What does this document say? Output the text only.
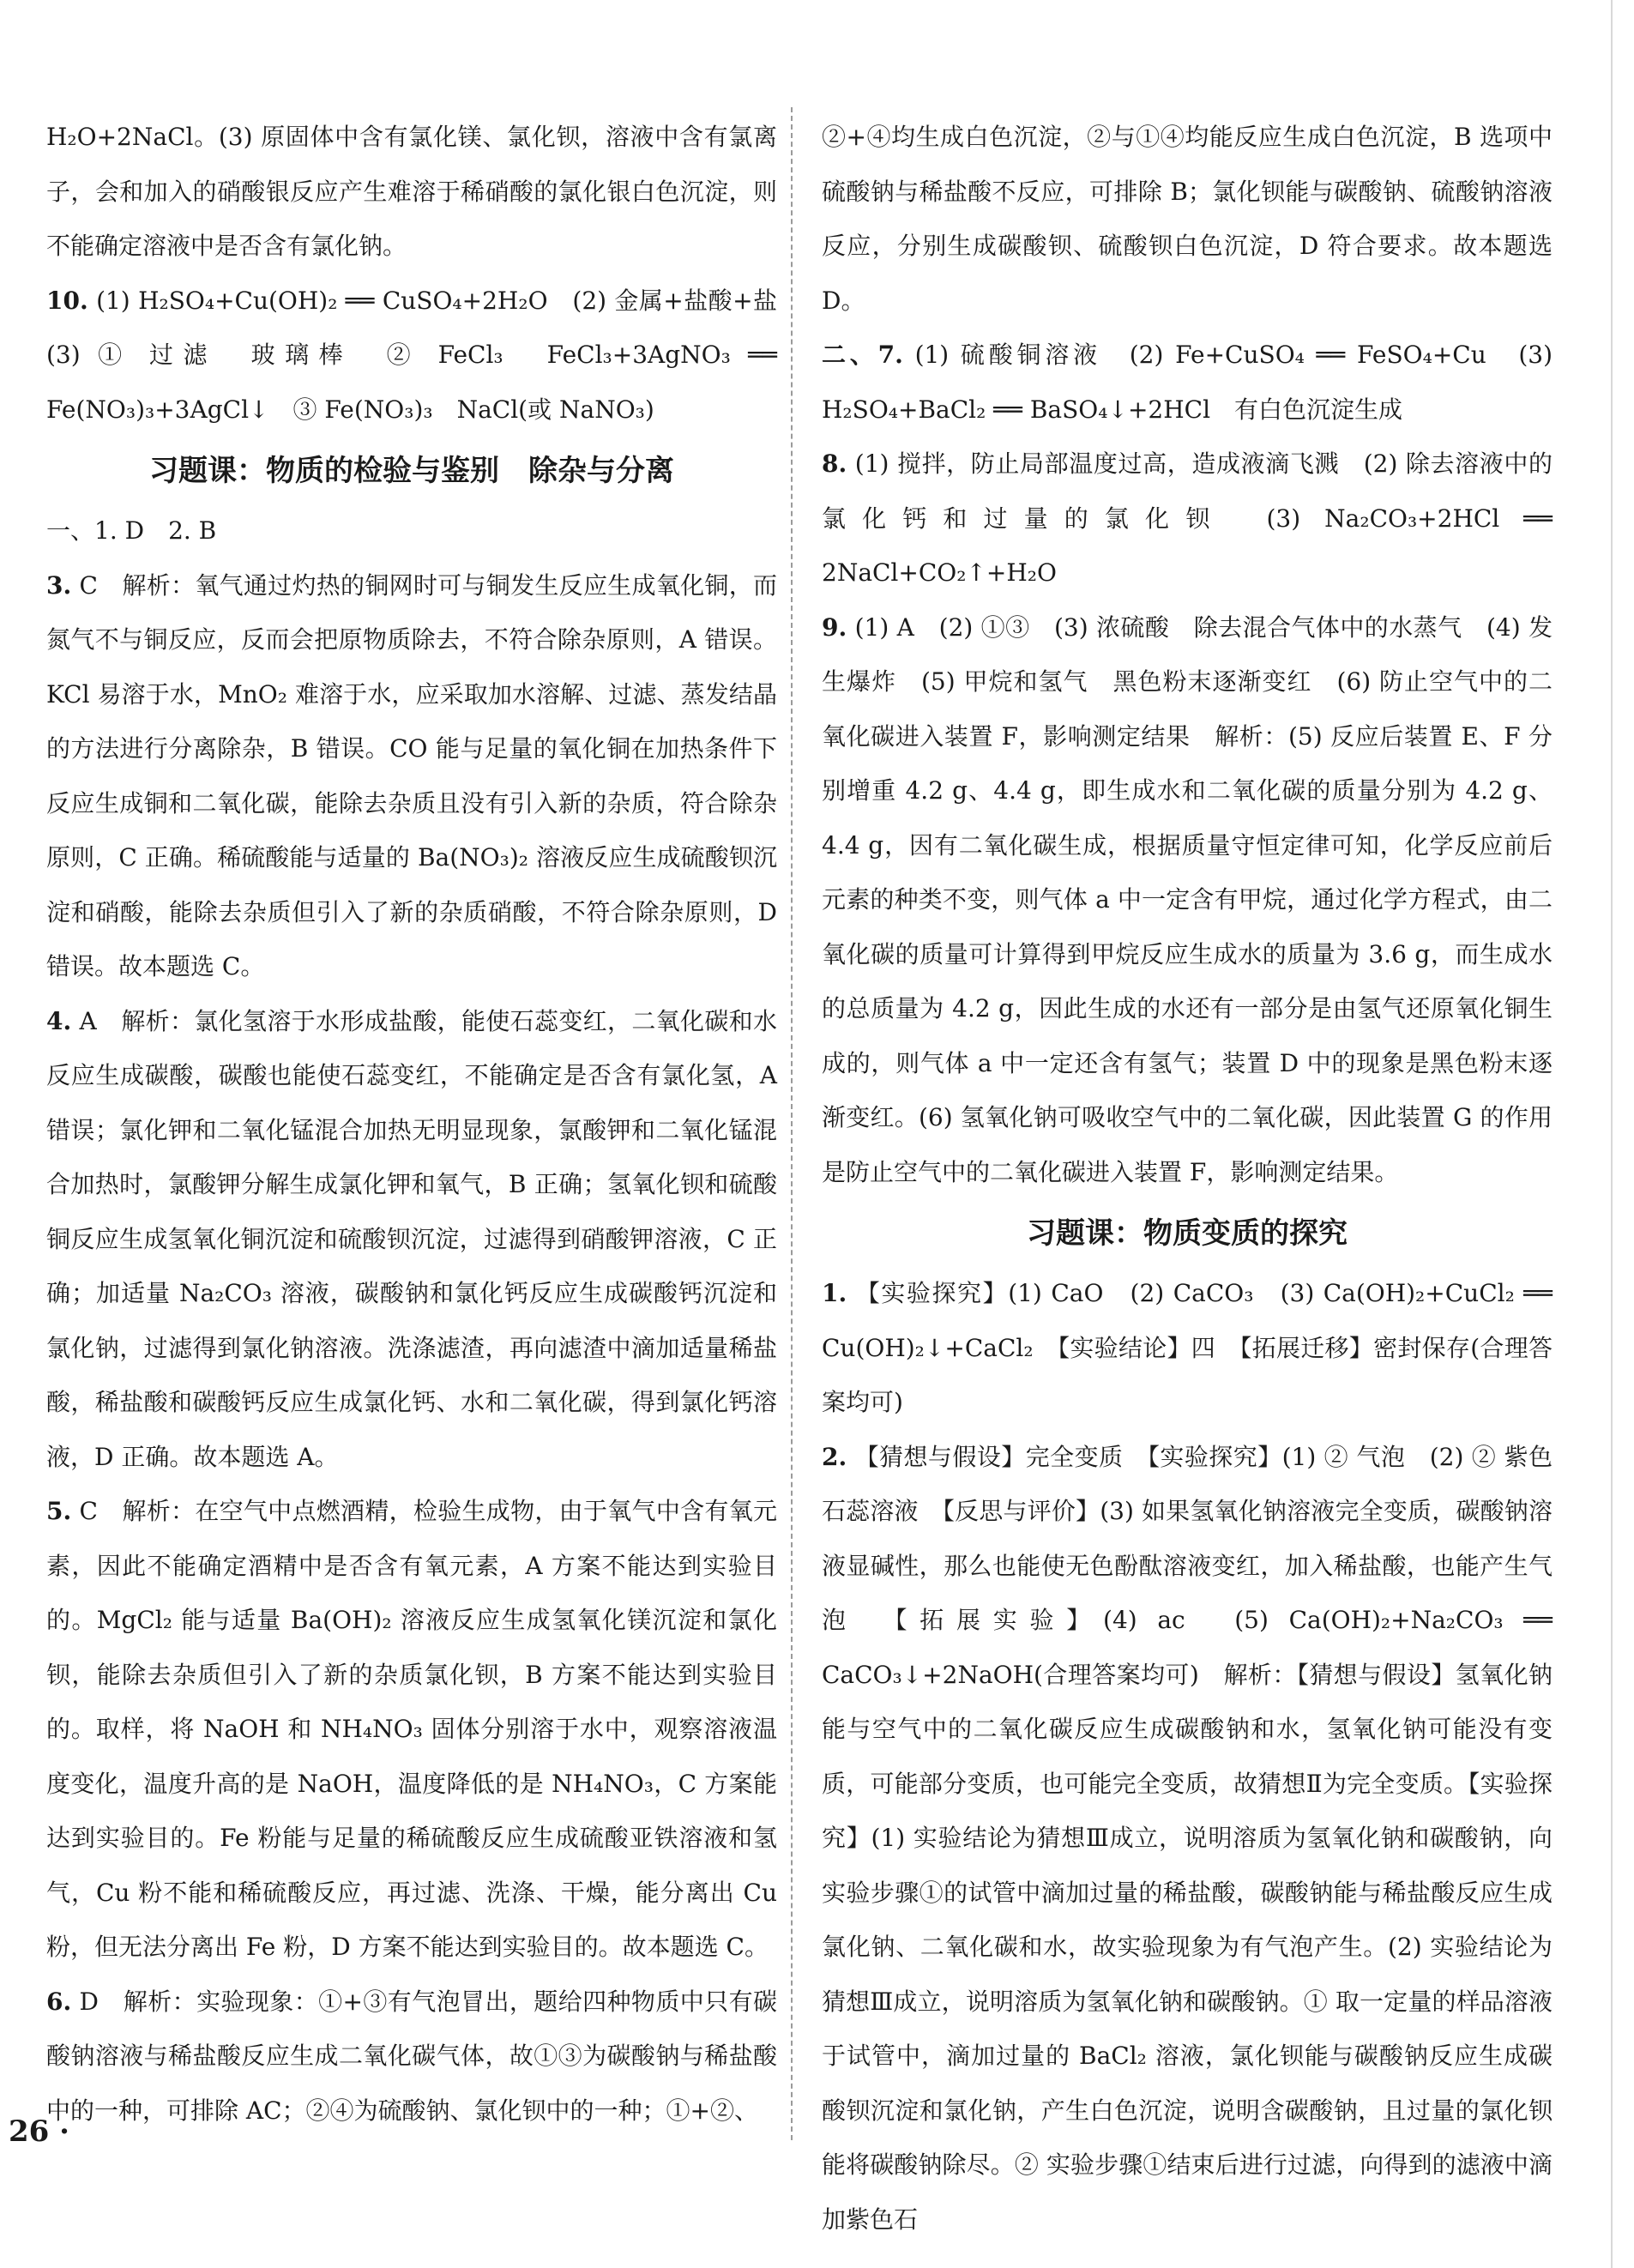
H₂O+2NaCl。(3) 原固体中含有氯化镁、氯化钡，溶液中含有氯离子，会和加入的硝酸银反应产生难溶于稀硝酸的氯化银白色沉淀，则不能确定溶液中是否含有氯化钠。

10. (1) H₂SO₄+Cu(OH)₂ ══ CuSO₄+2H₂O　(2) 金属+盐酸+盐　(3) ① 过滤　玻璃棒　② FeCl₃　FeCl₃+3AgNO₃ ══ Fe(NO₃)₃+3AgCl↓　③ Fe(NO₃)₃　NaCl(或 NaNO₃)

习题课：物质的检验与鉴别　除杂与分离

一、1. D　2. B

3. C　解析：氧气通过灼热的铜网时可与铜发生反应生成氧化铜，而氮气不与铜反应，反而会把原物质除去，不符合除杂原则，A 错误。KCl 易溶于水，MnO₂ 难溶于水，应采取加水溶解、过滤、蒸发结晶的方法进行分离除杂，B 错误。CO 能与足量的氧化铜在加热条件下反应生成铜和二氧化碳，能除去杂质且没有引入新的杂质，符合除杂原则，C 正确。稀硫酸能与适量的 Ba(NO₃)₂ 溶液反应生成硫酸钡沉淀和硝酸，能除去杂质但引入了新的杂质硝酸，不符合除杂原则，D 错误。故本题选 C。

4. A　解析：氯化氢溶于水形成盐酸，能使石蕊变红，二氧化碳和水反应生成碳酸，碳酸也能使石蕊变红，不能确定是否含有氯化氢，A 错误；氯化钾和二氧化锰混合加热无明显现象，氯酸钾和二氧化锰混合加热时，氯酸钾分解生成氯化钾和氧气，B 正确；氢氧化钡和硫酸铜反应生成氢氧化铜沉淀和硫酸钡沉淀，过滤得到硝酸钾溶液，C 正确；加适量 Na₂CO₃ 溶液，碳酸钠和氯化钙反应生成碳酸钙沉淀和氯化钠，过滤得到氯化钠溶液。洗涤滤渣，再向滤渣中滴加适量稀盐酸，稀盐酸和碳酸钙反应生成氯化钙、水和二氧化碳，得到氯化钙溶液，D 正确。故本题选 A。

5. C　解析：在空气中点燃酒精，检验生成物，由于氧气中含有氧元素，因此不能确定酒精中是否含有氧元素，A 方案不能达到实验目的。MgCl₂ 能与适量 Ba(OH)₂ 溶液反应生成氢氧化镁沉淀和氯化钡，能除去杂质但引入了新的杂质氯化钡，B 方案不能达到实验目的。取样，将 NaOH 和 NH₄NO₃ 固体分别溶于水中，观察溶液温度变化，温度升高的是 NaOH，温度降低的是 NH₄NO₃，C 方案能达到实验目的。Fe 粉能与足量的稀硫酸反应生成硫酸亚铁溶液和氢气，Cu 粉不能和稀硫酸反应，再过滤、洗涤、干燥，能分离出 Cu 粉，但无法分离出 Fe 粉，D 方案不能达到实验目的。故本题选 C。

6. D　解析：实验现象：①+③有气泡冒出，题给四种物质中只有碳酸钠溶液与稀盐酸反应生成二氧化碳气体，故①③为碳酸钠与稀盐酸中的一种，可排除 AC；②④为硫酸钠、氯化钡中的一种；①+②、

②+④均生成白色沉淀，②与①④均能反应生成白色沉淀，B 选项中硫酸钠与稀盐酸不反应，可排除 B；氯化钡能与碳酸钠、硫酸钠溶液反应，分别生成碳酸钡、硫酸钡白色沉淀，D 符合要求。故本题选 D。

二、7. (1) 硫酸铜溶液　(2) Fe+CuSO₄ ══ FeSO₄+Cu　(3) H₂SO₄+BaCl₂ ══ BaSO₄↓+2HCl　有白色沉淀生成

8. (1) 搅拌，防止局部温度过高，造成液滴飞溅　(2) 除去溶液中的氯化钙和过量的氯化钡　(3) Na₂CO₃+2HCl ══ 2NaCl+CO₂↑+H₂O

9. (1) A　(2) ①③　(3) 浓硫酸　除去混合气体中的水蒸气　(4) 发生爆炸　(5) 甲烷和氢气　黑色粉末逐渐变红　(6) 防止空气中的二氧化碳进入装置 F，影响测定结果　解析：(5) 反应后装置 E、F 分别增重 4.2 g、4.4 g，即生成水和二氧化碳的质量分别为 4.2 g、4.4 g，因有二氧化碳生成，根据质量守恒定律可知，化学反应前后元素的种类不变，则气体 a 中一定含有甲烷，通过化学方程式，由二氧化碳的质量可计算得到甲烷反应生成水的质量为 3.6 g，而生成水的总质量为 4.2 g，因此生成的水还有一部分是由氢气还原氧化铜生成的，则气体 a 中一定还含有氢气；装置 D 中的现象是黑色粉末逐渐变红。(6) 氢氧化钠可吸收空气中的二氧化碳，因此装置 G 的作用是防止空气中的二氧化碳进入装置 F，影响测定结果。

习题课：物质变质的探究

1. 【实验探究】(1) CaO　(2) CaCO₃　(3) Ca(OH)₂+CuCl₂ ══ Cu(OH)₂↓+CaCl₂　【实验结论】四　【拓展迁移】密封保存(合理答案均可)

2. 【猜想与假设】完全变质　【实验探究】(1) ② 气泡　(2) ② 紫色石蕊溶液　【反思与评价】(3) 如果氢氧化钠溶液完全变质，碳酸钠溶液显碱性，那么也能使无色酚酞溶液变红，加入稀盐酸，也能产生气泡　【拓展实验】(4) ac　(5) Ca(OH)₂+Na₂CO₃ ══ CaCO₃↓+2NaOH(合理答案均可)　解析：【猜想与假设】氢氧化钠能与空气中的二氧化碳反应生成碳酸钠和水，氢氧化钠可能没有变质，可能部分变质，也可能完全变质，故猜想Ⅱ为完全变质。【实验探究】(1) 实验结论为猜想Ⅲ成立，说明溶质为氢氧化钠和碳酸钠，向实验步骤①的试管中滴加过量的稀盐酸，碳酸钠能与稀盐酸反应生成氯化钠、二氧化碳和水，故实验现象为有气泡产生。(2) 实验结论为猜想Ⅲ成立，说明溶质为氢氧化钠和碳酸钠。① 取一定量的样品溶液于试管中，滴加过量的 BaCl₂ 溶液，氯化钡能与碳酸钠反应生成碳酸钡沉淀和氯化钠，产生白色沉淀，说明含碳酸钠，且过量的氯化钡能将碳酸钠除尽。② 实验步骤①结束后进行过滤，向得到的滤液中滴加紫色石

26 ·
